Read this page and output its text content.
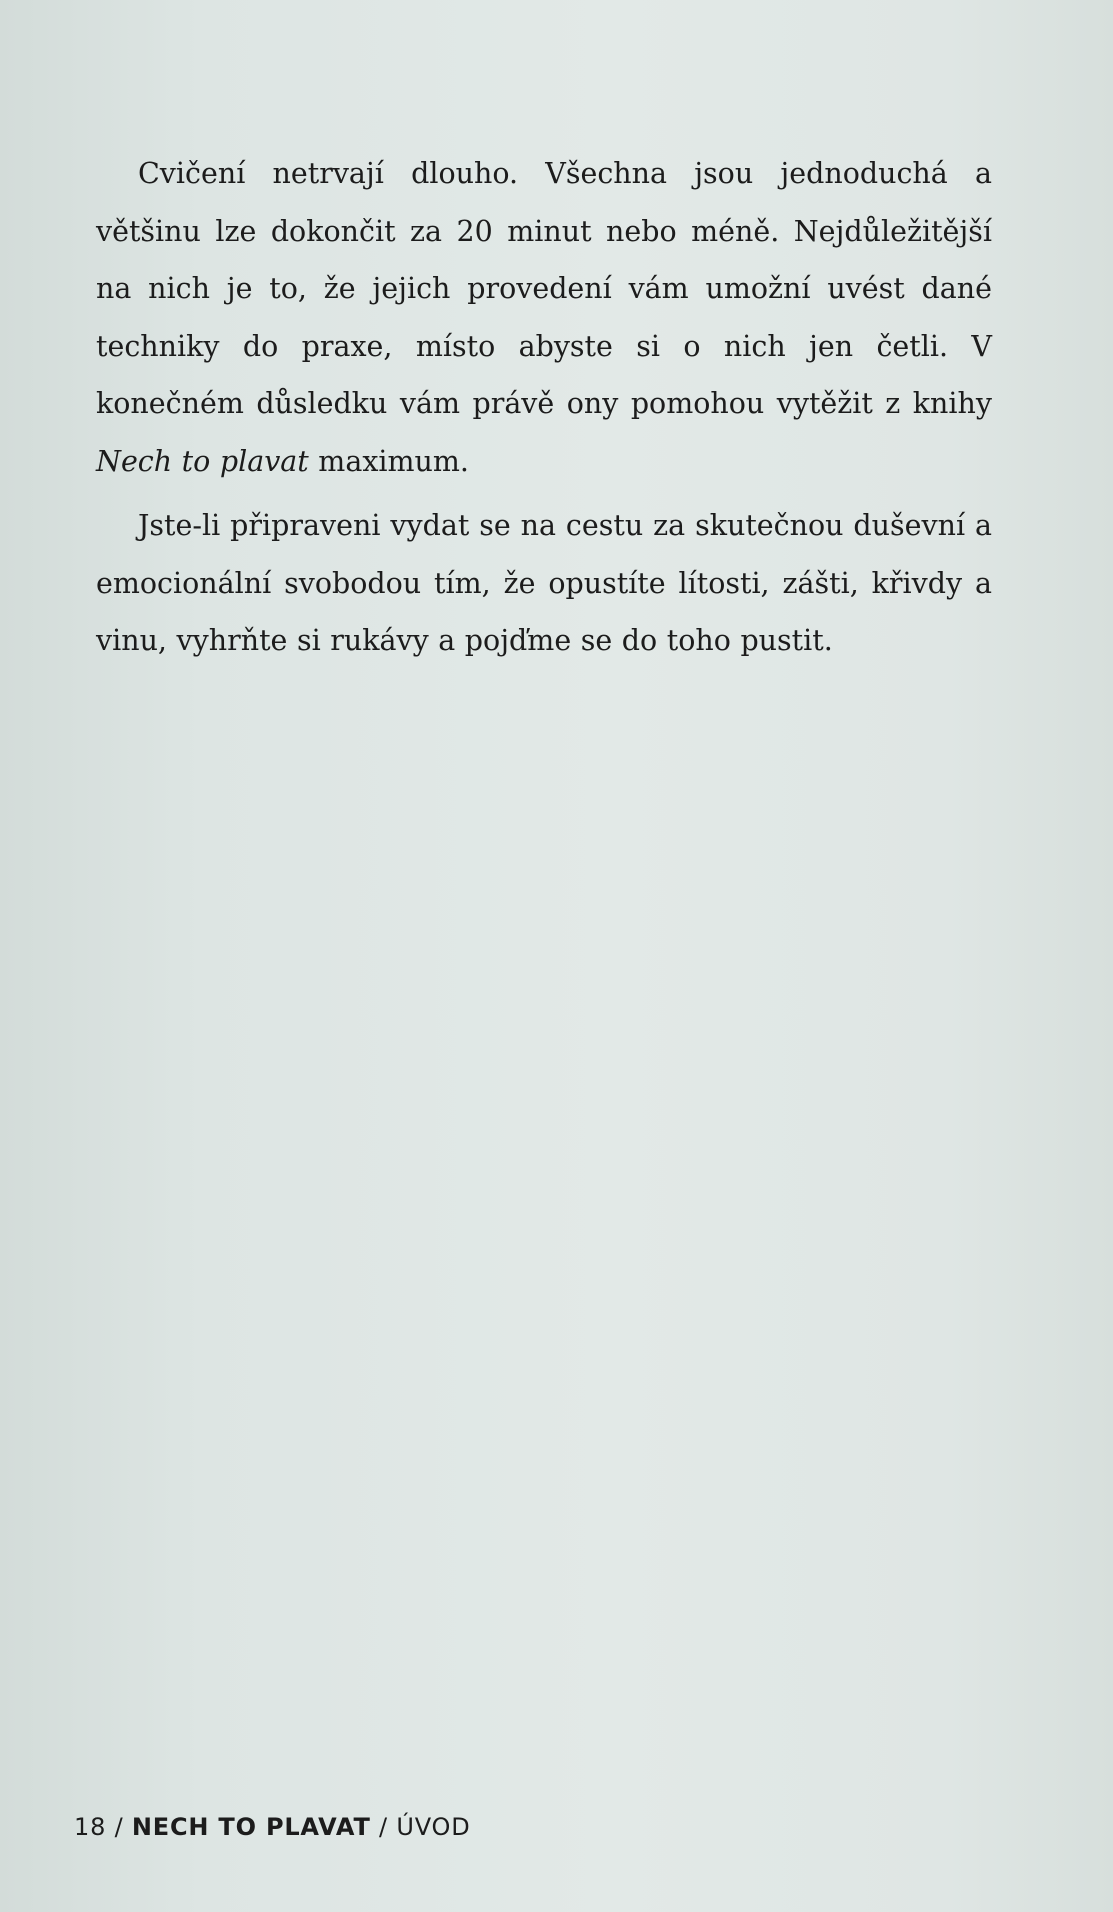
Cvičení netrvají dlouho. Všechna jsou jednoduchá a většinu lze dokončit za 20 minut nebo méně. Nejdůležitější na nich je to, že jejich provedení vám umožní uvést dané techniky do praxe, místo abyste si o nich jen četli. V konečném důsledku vám právě ony pomohou vytěžit z knihy Nech to plavat maximum.

Jste-li připraveni vydat se na cestu za skutečnou duševní a emocionální svobodou tím, že opustíte lítosti, zášti, křivdy a vinu, vyhrňte si rukávy a pojďme se do toho pustit.

18 / NECH TO PLAVAT / ÚVOD
